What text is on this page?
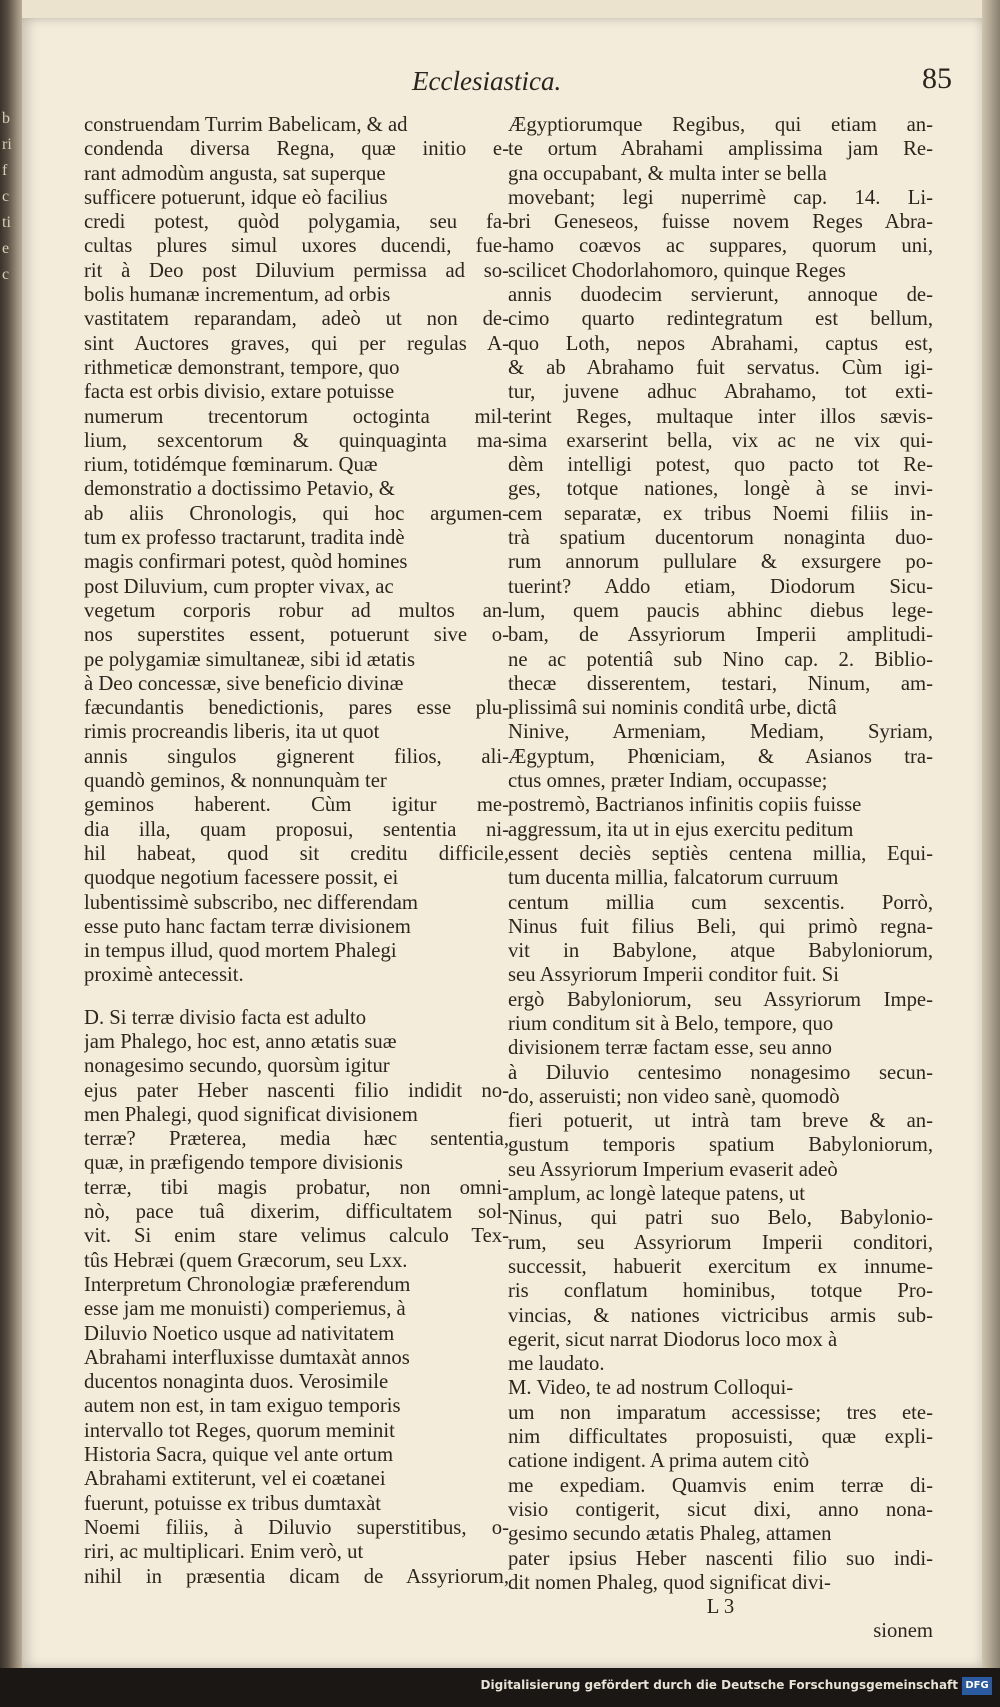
b
ri
f
c
ti
e
c
Ecclesiastica.	85
construendam Turrim Babelicam, & ad
condenda diversa Regna, quæ initio e-
rant admodùm angusta, sat superque
sufficere potuerunt, idque eò facilius
credi potest, quòd polygamia, seu fa-
cultas plures simul uxores ducendi, fue-
rit à Deo post Diluvium permissa ad so-
bolis humanæ incrementum, ad orbis
vastitatem reparandam, adeò ut non de-
sint Auctores graves, qui per regulas A-
rithmeticæ demonstrant, tempore, quo
facta est orbis divisio, extare potuisse
numerum trecentorum octoginta mil-
lium, sexcentorum & quinquaginta ma-
rium, totidémque fœminarum. Quæ
demonstratio a doctissimo Petavio, &
ab aliis Chronologis, qui hoc argumen-
tum ex professo tractarunt, tradita indè
magis confirmari potest, quòd homines
post Diluvium, cum propter vivax, ac
vegetum corporis robur ad multos an-
nos superstites essent, potuerunt sive o-
pe polygamiæ simultaneæ, sibi id ætatis
à Deo concessæ, sive beneficio divinæ
fæcundantis benedictionis, pares esse plu-
rimis procreandis liberis, ita ut quot
annis singulos gignerent filios, ali-
quandò geminos, & nonnunquàm ter
geminos haberent. Cùm igitur me-
dia illa, quam proposui, sententia ni-
hil habeat, quod sit creditu difficile,
quodque negotium facessere possit, ei
lubentissimè subscribo, nec differendam
esse puto hanc factam terræ divisionem
in tempus illud, quod mortem Phalegi
proximè antecessit.
D. Si terræ divisio facta est adulto
jam Phalego, hoc est, anno ætatis suæ
nonagesimo secundo, quorsùm igitur
ejus pater Heber nascenti filio indidit no-
men Phalegi, quod significat divisionem
terræ? Præterea, media hæc sententia,
quæ, in præfigendo tempore divisionis
terræ, tibi magis probatur, non omni-
nò, pace tuâ dixerim, difficultatem sol-
vit. Si enim stare velimus calculo Tex-
tûs Hebræi (quem Græcorum, seu Lxx.
Interpretum Chronologiæ præferendum
esse jam me monuisti) comperiemus, à
Diluvio Noetico usque ad nativitatem
Abrahami interfluxisse dumtaxàt annos
ducentos nonaginta duos. Verosimile
autem non est, in tam exiguo temporis
intervallo tot Reges, quorum meminit
Historia Sacra, quique vel ante ortum
Abrahami extiterunt, vel ei coætanei
fuerunt, potuisse ex tribus dumtaxàt
Noemi filiis, à Diluvio superstitibus, o-
riri, ac multiplicari. Enim verò, ut
nihil in præsentia dicam de Assyriorum,
Ægyptiorumque Regibus, qui etiam an-
te ortum Abrahami amplissima jam Re-
gna occupabant, & multa inter se bella
movebant; legi nuperrimè cap. 14. Li-
bri Geneseos, fuisse novem Reges Abra-
hamo coævos ac suppares, quorum uni,
scilicet Chodorlahomoro, quinque Reges
annis duodecim servierunt, annoque de-
cimo quarto redintegratum est bellum,
quo Loth, nepos Abrahami, captus est,
& ab Abrahamo fuit servatus. Cùm igi-
tur, juvene adhuc Abrahamo, tot exti-
terint Reges, multaque inter illos sævis-
sima exarserint bella, vix ac ne vix qui-
dèm intelligi potest, quo pacto tot Re-
ges, totque nationes, longè à se invi-
cem separatæ, ex tribus Noemi filiis in-
trà spatium ducentorum nonaginta duo-
rum annorum pullulare & exsurgere po-
tuerint? Addo etiam, Diodorum Sicu-
lum, quem paucis abhinc diebus lege-
bam, de Assyriorum Imperii amplitudi-
ne ac potentiâ sub Nino cap. 2. Biblio-
thecæ disserentem, testari, Ninum, am-
plissimâ sui nominis conditâ urbe, dictâ
Ninive, Armeniam, Mediam, Syriam,
Ægyptum, Phœniciam, & Asianos tra-
ctus omnes, præter Indiam, occupasse;
postremò, Bactrianos infinitis copiis fuisse
aggressum, ita ut in ejus exercitu peditum
essent deciès septiès centena millia, Equi-
tum ducenta millia, falcatorum curruum
centum millia cum sexcentis. Porrò,
Ninus fuit filius Beli, qui primò regna-
vit in Babylone, atque Babyloniorum,
seu Assyriorum Imperii conditor fuit. Si
ergò Babyloniorum, seu Assyriorum Impe-
rium conditum sit à Belo, tempore, quo
divisionem terræ factam esse, seu anno
à Diluvio centesimo nonagesimo secun-
do, asseruisti; non video sanè, quomodò
fieri potuerit, ut intrà tam breve & an-
gustum temporis spatium Babyloniorum,
seu Assyriorum Imperium evaserit adeò
amplum, ac longè lateque patens, ut
Ninus, qui patri suo Belo, Babylonio-
rum, seu Assyriorum Imperii conditori,
successit, habuerit exercitum ex innume-
ris conflatum hominibus, totque Pro-
vincias, & nationes victricibus armis sub-
egerit, sicut narrat Diodorus loco mox à
me laudato.
M. Video, te ad nostrum Colloqui-
um non imparatum accessisse; tres ete-
nim difficultates proposuisti, quæ expli-
catione indigent. A prima autem citò
me expediam. Quamvis enim terræ di-
visio contigerit, sicut dixi, anno nona-
gesimo secundo ætatis Phaleg, attamen
pater ipsius Heber nascenti filio suo indi-
dit nomen Phaleg, quod significat divi-
L 3
sionem
Digitalisierung gefördert durch die Deutsche Forschungsgemeinschaft DFG
